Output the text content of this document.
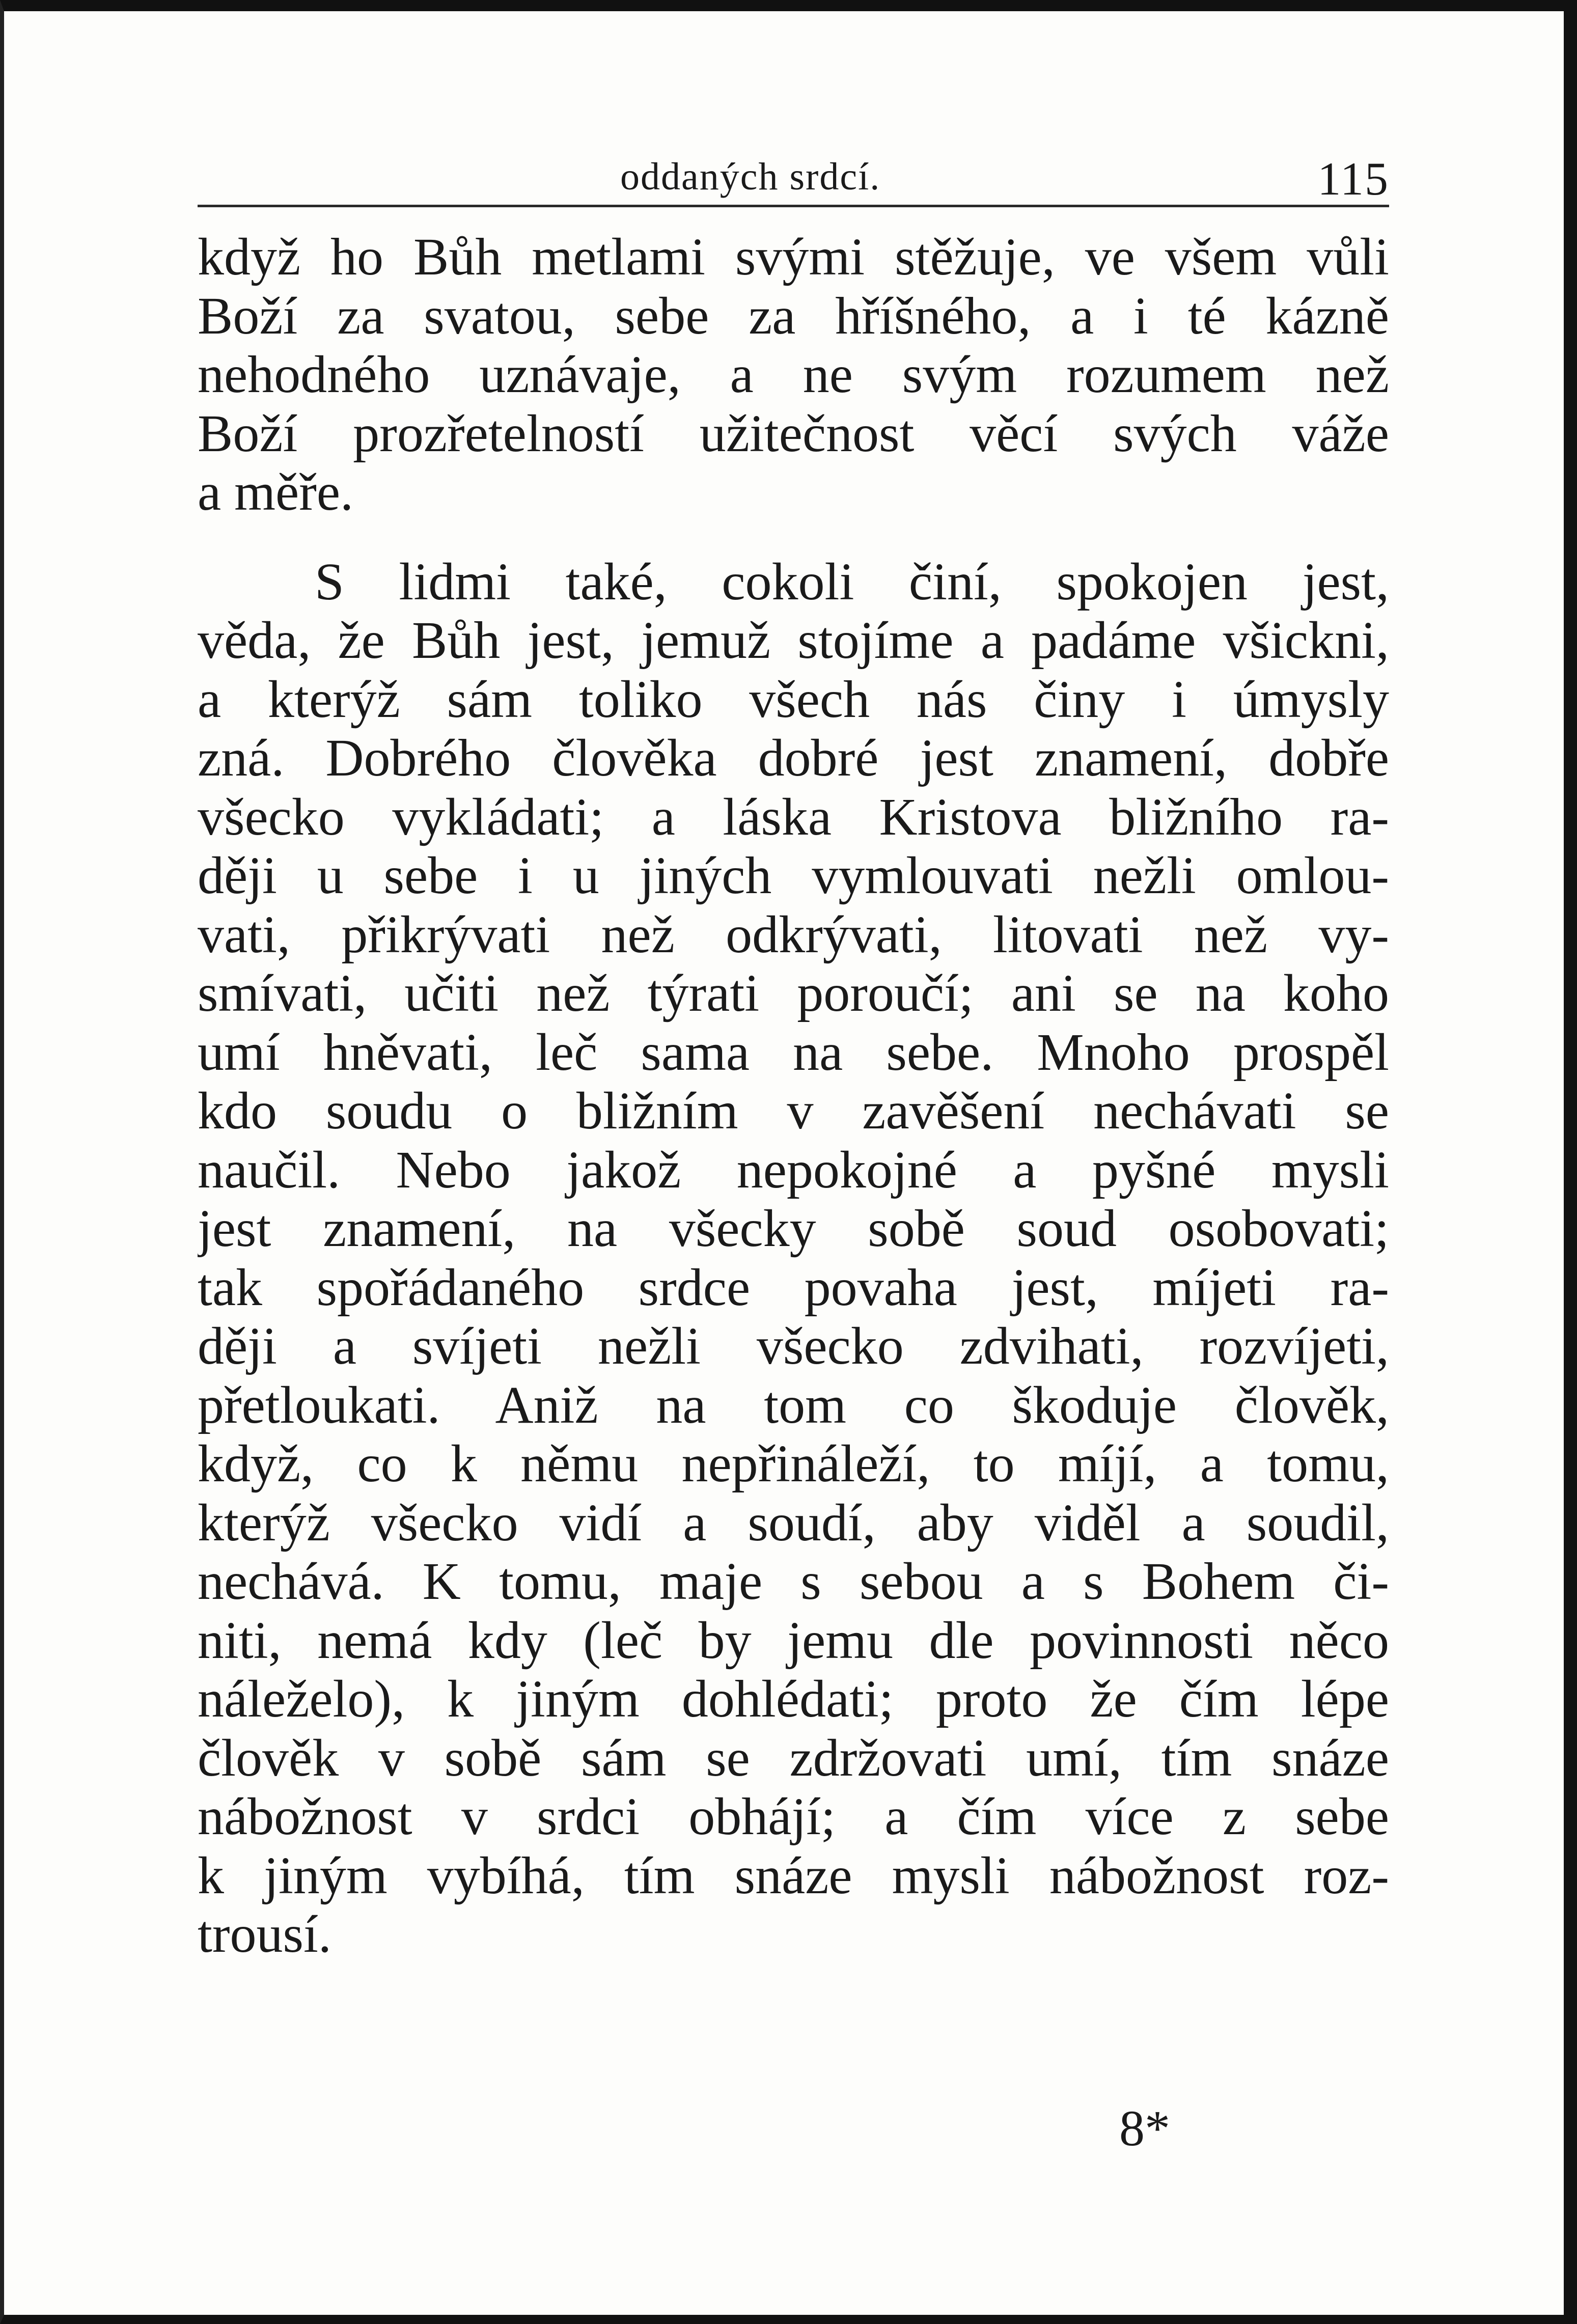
oddaných srdcí.	115
když ho Bůh metlami svými stěžuje, ve všem vůli
Boží za svatou, sebe za hříšného, a i té kázně
nehodného uznávaje, a ne svým rozumem než
Boží prozřetelností užitečnost věcí svých váže
a měře.
S lidmi také, cokoli činí, spokojen jest,
věda, že Bůh jest, jemuž stojíme a padáme všickni,
a kterýž sám toliko všech nás činy i úmysly
zná. Dobrého člověka dobré jest znamení, dobře
všecko vykládati; a láska Kristova bližního ra-
ději u sebe i u jiných vymlouvati nežli omlou-
vati, přikrývati než odkrývati, litovati než vy-
smívati, učiti než týrati poroučí; ani se na koho
umí hněvati, leč sama na sebe. Mnoho prospěl
kdo soudu o bližním v zavěšení nechávati se
naučil. Nebo jakož nepokojné a pyšné mysli
jest znamení, na všecky sobě soud osobovati;
tak spořádaného srdce povaha jest, míjeti ra-
ději a svíjeti nežli všecko zdvihati, rozvíjeti,
přetloukati. Aniž na tom co škoduje člověk,
když, co k němu nepřináleží, to míjí, a tomu,
kterýž všecko vidí a soudí, aby viděl a soudil,
nechává. K tomu, maje s sebou a s Bohem či-
niti, nemá kdy (leč by jemu dle povinnosti něco
náleželo), k jiným dohlédati; proto že čím lépe
člověk v sobě sám se zdržovati umí, tím snáze
nábožnost v srdci obhájí; a čím více z sebe
k jiným vybíhá, tím snáze mysli nábožnost roz-
trousí.
8*
